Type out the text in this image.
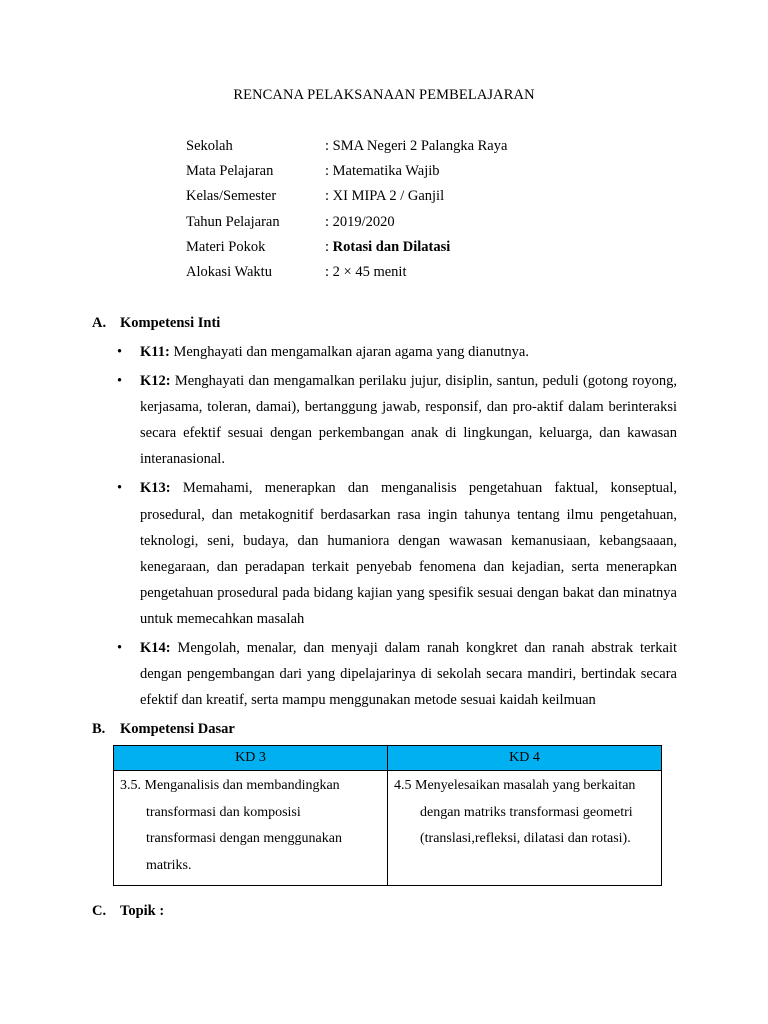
RENCANA PELAKSANAAN PEMBELAJARAN
Sekolah	: SMA Negeri 2 Palangka Raya
Mata Pelajaran	: Matematika Wajib
Kelas/Semester	: XI MIPA 2 / Ganjil
Tahun Pelajaran	: 2019/2020
Materi Pokok	: Rotasi dan Dilatasi
Alokasi Waktu	: 2 × 45 menit
A. Kompetensi Inti
•	K11: Menghayati dan mengamalkan ajaran agama yang dianutnya.
•	K12: Menghayati dan mengamalkan perilaku jujur, disiplin, santun, peduli (gotong royong, kerjasama, toleran, damai), bertanggung jawab, responsif, dan pro-aktif dalam berinteraksi secara efektif sesuai dengan perkembangan anak di lingkungan, keluarga, dan kawasan interanasional.
•	K13: Memahami, menerapkan dan menganalisis pengetahuan faktual, konseptual, prosedural, dan metakognitif berdasarkan rasa ingin tahunya tentang ilmu pengetahuan, teknologi, seni, budaya, dan humaniora dengan wawasan kemanusiaan, kebangsaaan, kenegaraan, dan peradapan terkait penyebab fenomena dan kejadian, serta menerapkan pengetahuan prosedural pada bidang kajian yang spesifik sesuai dengan bakat dan minatnya untuk memecahkan masalah
•	K14: Mengolah, menalar, dan menyaji dalam ranah kongkret dan ranah abstrak terkait dengan pengembangan dari yang dipelajarinya di sekolah secara mandiri, bertindak secara efektif dan kreatif, serta mampu menggunakan metode sesuai kaidah keilmuan
B. Kompetensi Dasar
KD 3	KD 4

3.5. Menganalisis dan membandingkan
transformasi dan komposisi
transformasi dengan menggunakan
matriks.	4.5 Menyelesaikan masalah yang berkaitan
dengan matriks transformasi geometri
(translasi,refleksi, dilatasi dan rotasi).
C. Topik :
